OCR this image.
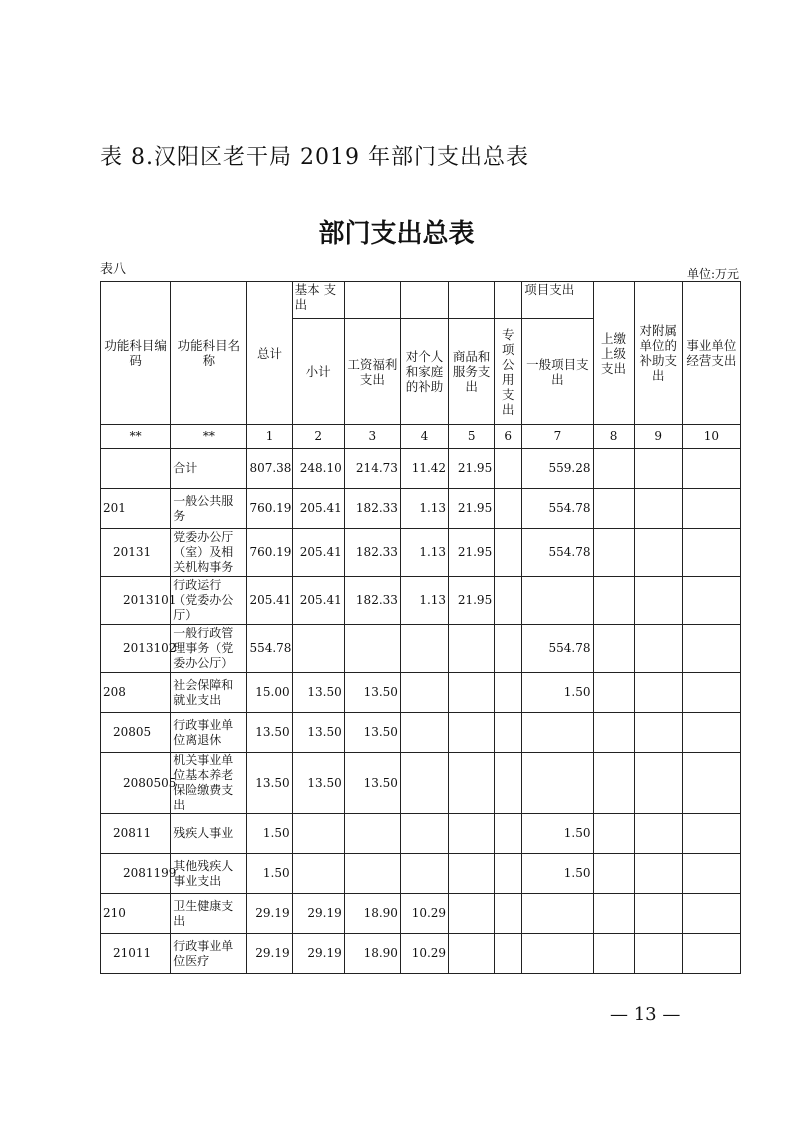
表 8.汉阳区老干局 2019 年部门支出总表
部门支出总表
表八	单位:万元
功能科目编码	功能科目名称	总计	基本 支出					项目支出	上缴上级支出	对附属单位的补助支出	事业单位经营支出
			小计	工资福利支出	对个人和家庭的补助	商品和服务支出	专项公用支出	一般项目支出			
**	**	1	2	3	4	5	6	7	8	9	10
	合计	807.38	248.10	214.73	11.42	21.95		559.28			
201	一般公共服务	760.19	205.41	182.33	1.13	21.95		554.78			
20131	党委办公厅（室）及相关机构事务	760.19	205.41	182.33	1.13	21.95		554.78			
2013101	行政运行（党委办公厅）	205.41	205.41	182.33	1.13	21.95					
2013102	一般行政管理事务（党委办公厅）	554.78						554.78			
208	社会保障和就业支出	15.00	13.50	13.50				1.50			
20805	行政事业单位离退休	13.50	13.50	13.50							
2080505	机关事业单位基本养老保险缴费支出	13.50	13.50	13.50							
20811	残疾人事业	1.50						1.50			
2081199	其他残疾人事业支出	1.50						1.50			
210	卫生健康支出	29.19	29.19	18.90	10.29						
21011	行政事业单位医疗	29.19	29.19	18.90	10.29						
— 13 —
